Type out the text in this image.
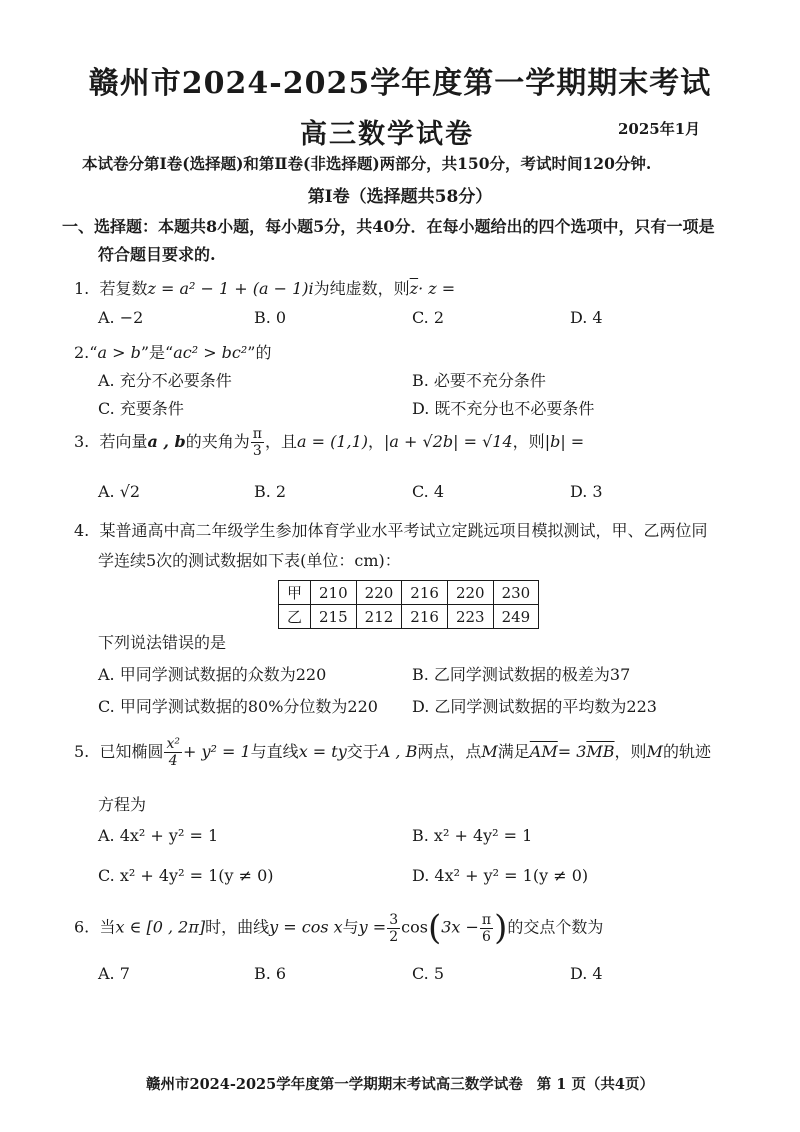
赣州市2024-2025学年度第一学期期末考试
高三数学试卷	2025年1月
本试卷分第Ⅰ卷(选择题)和第Ⅱ卷(非选择题)两部分，共150分，考试时间120分钟.
第Ⅰ卷（选择题共58分）
一、选择题：本题共8小题，每小题5分，共40分．在每小题给出的四个选项中，只有一项是
符合题目要求的.
1. 若复数z = a² − 1 + (a − 1)i为纯虚数，则$\overline{z}\cdot z$ =
A. −2	B. 0	C. 2	D. 4
2.“a > b”是“ac² > bc²”的
A. 充分不必要条件	B. 必要不充分条件
C. 充要条件	D. 既不充分也不必要条件
3. 若向量a , b的夹角为 $\frac{\pi}{3}$ ，且a = (1,1)，|a + √2b| = √14，则|b| =
A. √2	B. 2	C. 4	D. 3
4. 某普通高中高二年级学生参加体育学业水平考试立定跳远项目模拟测试，甲、乙两位同
学连续5次的测试数据如下表(单位：cm)：
甲	210	220	216	220	230
乙	215	212	216	223	249
下列说法错误的是
A. 甲同学测试数据的众数为220	B. 乙同学测试数据的极差为37
C. 甲同学测试数据的80%分位数为220 D. 乙同学测试数据的平均数为223
5. 已知椭圆 $\frac{\text{x²}}{4} + y^2 = 1$与直线x = ty交于A , B两点，点M满足$\overline{AM}= 3\overline{MB}$，则M的轨迹
方程为
A. 4x² + y² = 1	B. x² + 4y² = 1
C. x² + 4y² = 1(y ≠ 0)	D. 4x² + y² = 1(y ≠ 0)
6. 当x ∈ [0 , 2π]时，曲线y = cos x与$y = \frac{3}{2} \cos(3x - \frac{\pi}{6}$ )的交点个数为
A. 7	B. 6	C. 5	D. 4
赣州市2024-2025学年度第一学期期末考试高三数学试卷 第 1 页（共4页）
